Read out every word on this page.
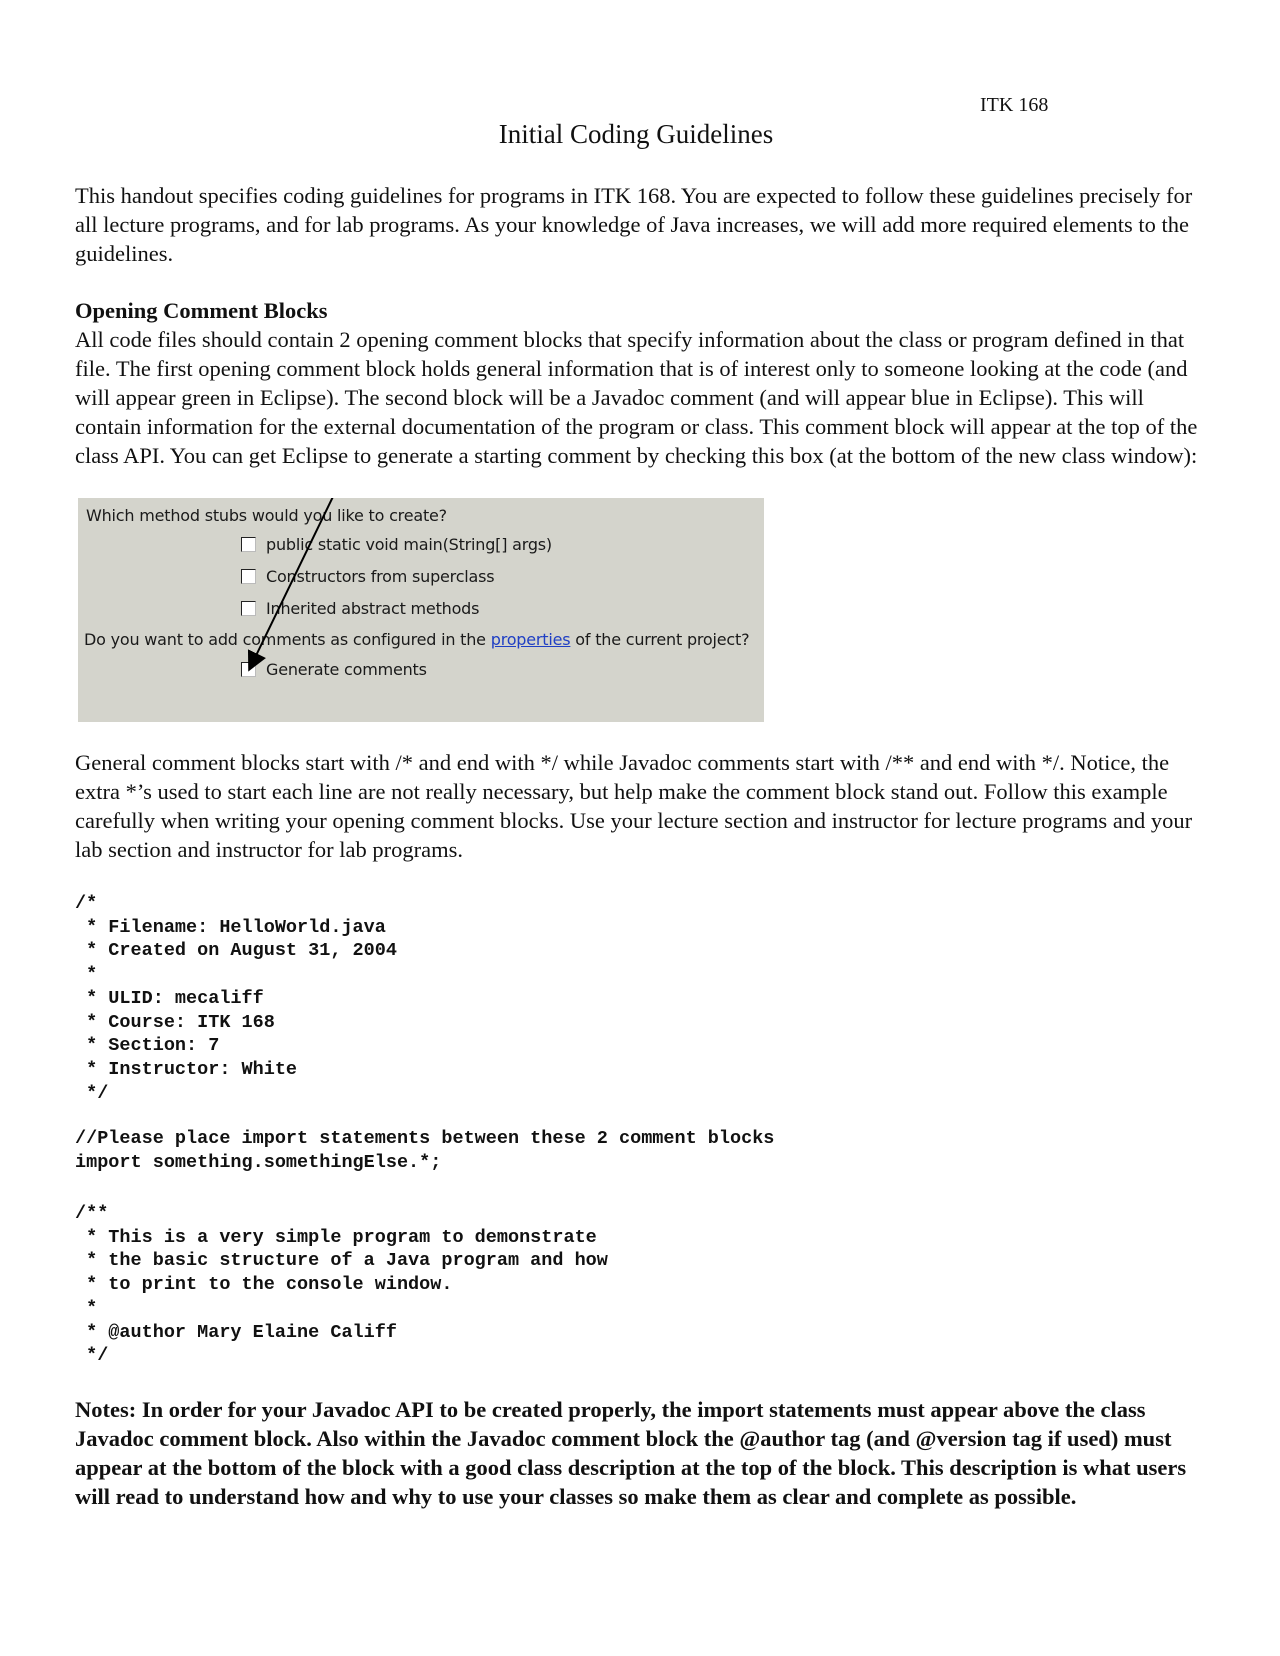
ITK 168
Initial Coding Guidelines

This handout specifies coding guidelines for programs in ITK 168. You are expected to follow these guidelines precisely for all lecture programs, and for lab programs. As your knowledge of Java increases, we will add more required elements to the guidelines.

Opening Comment Blocks

All code files should contain 2 opening comment blocks that specify information about the class or program defined in that file. The first opening comment block holds general information that is of interest only to someone looking at the code (and will appear green in Eclipse). The second block will be a Javadoc comment (and will appear blue in Eclipse). This will contain information for the external documentation of the program or class. This comment block will appear at the top of the class API. You can get Eclipse to generate a starting comment by checking this box (at the bottom of the new class window):

Which method stubs would you like to create?
public static void main(String[] args)
Constructors from superclass
Inherited abstract methods
Do you want to add comments as configured in the properties of the current project?
Generate comments

General comment blocks start with /* and end with */ while Javadoc comments start with /** and end with */. Notice, the extra *’s used to start each line are not really necessary, but help make the comment block stand out. Follow this example carefully when writing your opening comment blocks. Use your lecture section and instructor for lecture programs and your lab section and instructor for lab programs.

/*
* Filename: HelloWorld.java
* Created on August 31, 2004
*
* ULID: mecaliff
* Course: ITK 168
* Section: 7
* Instructor: White
*/
//Please place import statements between these 2 comment blocks
import something.somethingElse.*;
/**
* This is a very simple program to demonstrate
* the basic structure of a Java program and how
* to print to the console window.
*
* @author Mary Elaine Califf
*/

Notes: In order for your Javadoc API to be created properly, the import statements must appear above the class Javadoc comment block. Also within the Javadoc comment block the @author tag (and @version tag if used) must appear at the bottom of the block with a good class description at the top of the block. This description is what users will read to understand how and why to use your classes so make them as clear and complete as possible.
